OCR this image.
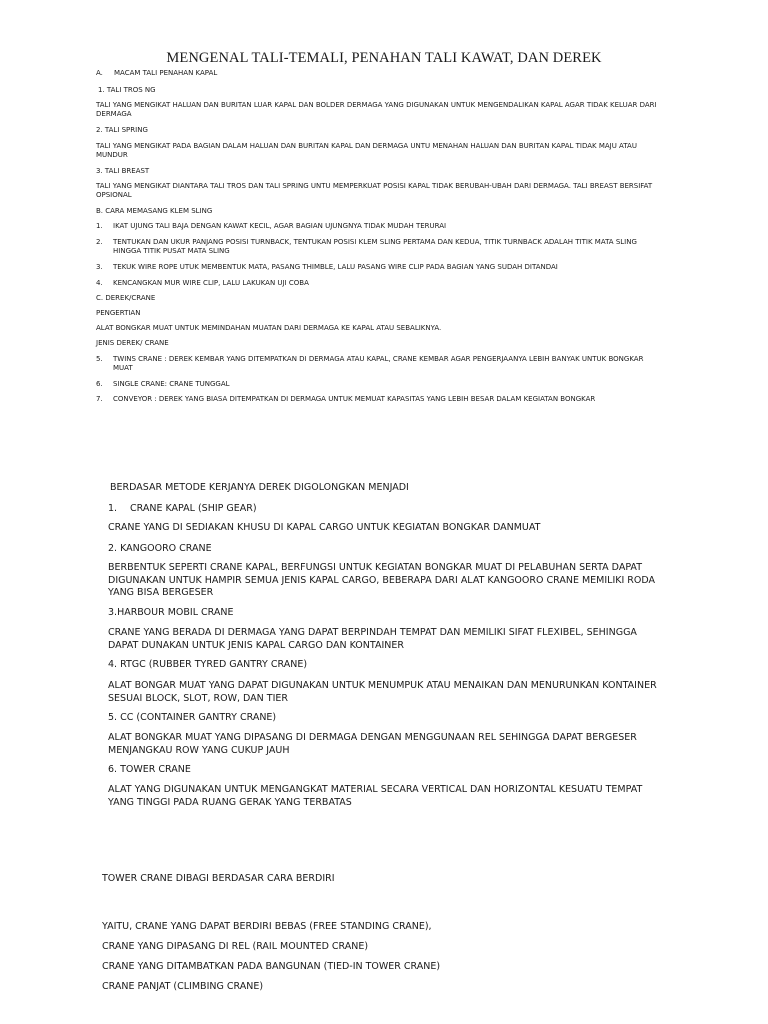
MENGENAL TALI-TEMALI, PENAHAN TALI KAWAT, DAN DEREK
A. MACAM TALI PENAHAN KAPAL
1. TALI TROS NG
TALI YANG MENGIKAT HALUAN DAN BURITAN LUAR KAPAL DAN BOLDER DERMAGA YANG DIGUNAKAN UNTUK MENGENDALIKAN KAPAL AGAR TIDAK KELUAR DARI DERMAGA
2. TALI SPRING
TALI YANG MENGIKAT PADA BAGIAN DALAM HALUAN DAN BURITAN KAPAL DAN DERMAGA UNTU MENAHAN HALUAN DAN BURITAN KAPAL TIDAK MAJU ATAU MUNDUR
3. TALI BREAST
TALI YANG MENGIKAT DIANTARA TALI TROS DAN TALI SPRING UNTU MEMPERKUAT POSISI KAPAL TIDAK BERUBAH-UBAH DARI DERMAGA. TALI BREAST BERSIFAT OPSIONAL
B. CARA MEMASANG KLEM SLING
1. IKAT UJUNG TALI BAJA DENGAN KAWAT KECIL, AGAR BAGIAN UJUNGNYA TIDAK MUDAH TERURAI
2. TENTUKAN DAN UKUR PANJANG POSISI TURNBACK, TENTUKAN POSISI KLEM SLING PERTAMA DAN KEDUA, TITIK TURNBACK ADALAH TITIK MATA SLING HINGGA TITIK PUSAT MATA SLING
3. TEKUK WIRE ROPE UTUK MEMBENTUK MATA, PASANG THIMBLE, LALU PASANG WIRE CLIP PADA BAGIAN YANG SUDAH DITANDAI
4. KENCANGKAN MUR WIRE CLIP, LALU LAKUKAN UJI COBA
C. DEREK/CRANE
PENGERTIAN
ALAT BONGKAR MUAT UNTUK MEMINDAHAN MUATAN DARI DERMAGA KE KAPAL ATAU SEBALIKNYA.
JENIS DEREK/ CRANE
5. TWINS CRANE : DEREK KEMBAR YANG DITEMPATKAN DI DERMAGA ATAU KAPAL, CRANE KEMBAR AGAR PENGERJAANYA LEBIH BANYAK UNTUK BONGKAR MUAT
6. SINGLE CRANE: CRANE TUNGGAL
7. CONVEYOR : DEREK YANG BIASA DITEMPATKAN DI DERMAGA UNTUK MEMUAT KAPASITAS YANG LEBIH BESAR DALAM KEGIATAN BONGKAR
BERDASAR METODE KERJANYA DEREK DIGOLONGKAN MENJADI
1. CRANE KAPAL (SHIP GEAR)
CRANE YANG DI SEDIAKAN KHUSU DI KAPAL CARGO UNTUK KEGIATAN BONGKAR DANMUAT
2. KANGOORO CRANE
BERBENTUK SEPERTI CRANE KAPAL, BERFUNGSI UNTUK KEGIATAN BONGKAR MUAT DI PELABUHAN SERTA DAPAT DIGUNAKAN UNTUK HAMPIR SEMUA JENIS KAPAL CARGO, BEBERAPA DARI ALAT KANGOORO CRANE MEMILIKI RODA YANG BISA BERGESER
3.HARBOUR MOBIL CRANE
CRANE YANG BERADA DI DERMAGA YANG DAPAT BERPINDAH TEMPAT DAN MEMILIKI SIFAT FLEXIBEL, SEHINGGA DAPAT DUNAKAN UNTUK JENIS KAPAL CARGO DAN KONTAINER
4. RTGC (RUBBER TYRED GANTRY CRANE)
ALAT BONGAR MUAT YANG DAPAT DIGUNAKAN UNTUK MENUMPUK ATAU MENAIKAN DAN MENURUNKAN KONTAINER SESUAI BLOCK, SLOT, ROW, DAN TIER
5. CC (CONTAINER GANTRY CRANE)
ALAT BONGKAR MUAT YANG DIPASANG DI DERMAGA DENGAN MENGGUNAAN REL SEHINGGA DAPAT BERGESER MENJANGKAU ROW YANG CUKUP JAUH
6. TOWER CRANE
ALAT YANG DIGUNAKAN UNTUK MENGANGKAT MATERIAL SECARA VERTICAL DAN HORIZONTAL KESUATU TEMPAT YANG TINGGI PADA RUANG GERAK YANG TERBATAS
TOWER CRANE DIBAGI BERDASAR CARA BERDIRI
YAITU, CRANE YANG DAPAT BERDIRI BEBAS (FREE STANDING CRANE),
CRANE YANG DIPASANG DI REL (RAIL MOUNTED CRANE)
CRANE YANG DITAMBATKAN PADA BANGUNAN (TIED-IN TOWER CRANE)
CRANE PANJAT (CLIMBING CRANE)
